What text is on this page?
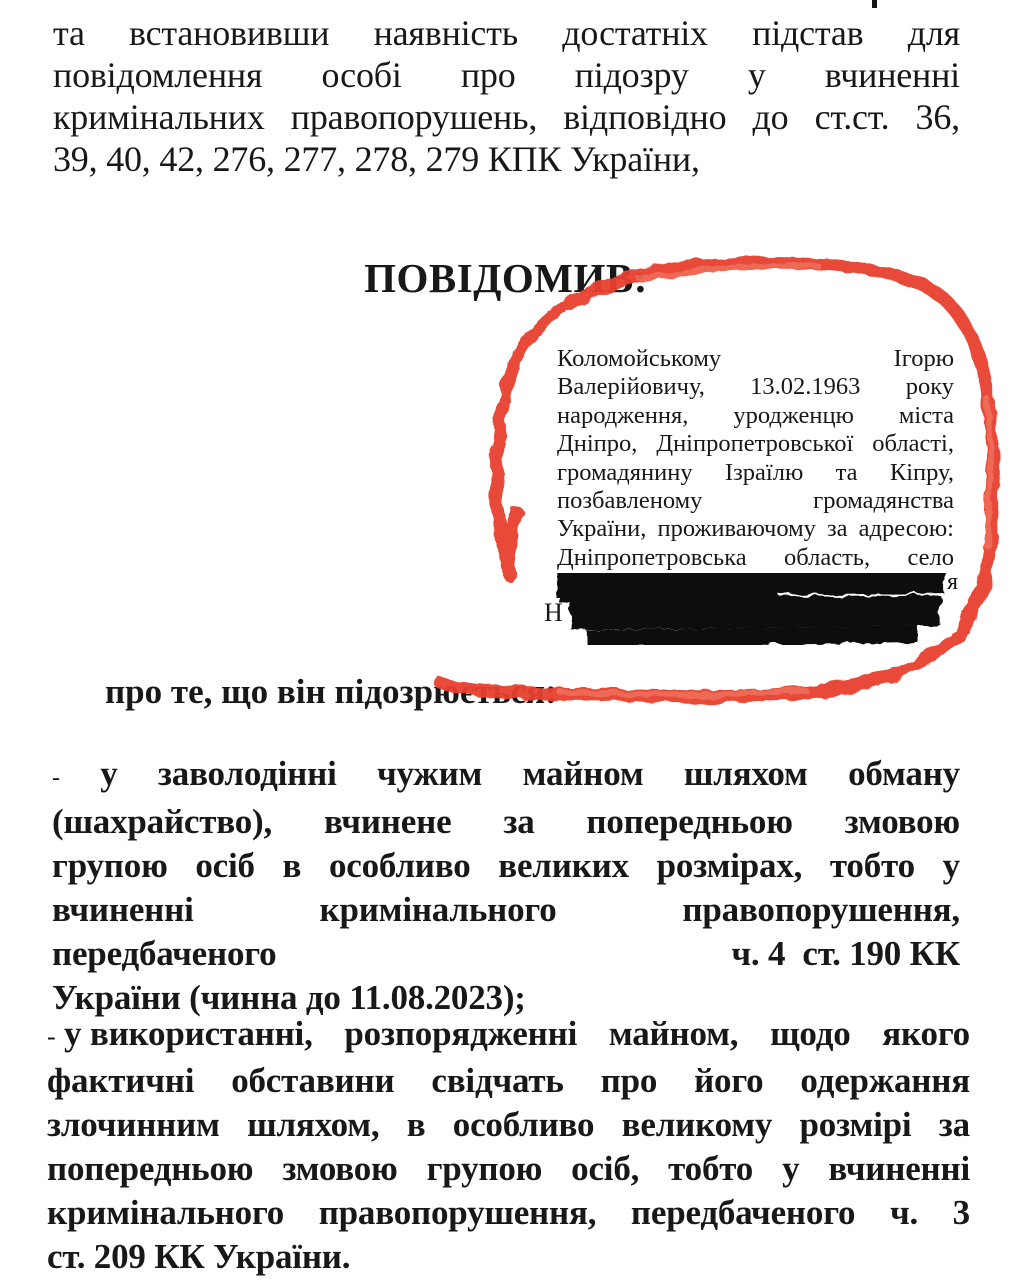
та встановивши наявність достатніх підстав для
повідомлення особі про підозру у вчиненні
кримінальних правопорушень, відповідно до ст.ст. 36,
39, 40, 42, 276, 277, 278, 279 КПК України,
ПОВІДОМИВ:
Коломойському	Ігорю
Валерійовичу, 13.02.1963 року
народження, уродженцю міста
Дніпро, Дніпропетровської області,
громадянину Ізраїлю та Кіпру,
позбавленому	громадянства
України, проживаючому за адресою:
Дніпропетровська область, село
я
Н
про те, що він підозрюється:
- у заволодінні чужим майном шляхом обману
(шахрайство), вчинене за попередньою змовою
групою осіб в особливо великих розмірах, тобто у
вчиненні	кримінального	правопорушення,
передбаченого	ч. 4  ст. 190 КК
України (чинна до 11.08.2023);
- у використанні, розпорядженні майном, щодо якого
фактичні обставини свідчать про його одержання
злочинним шляхом, в особливо великому розмірі за
попередньою змовою групою осіб, тобто у вчиненні
кримінального правопорушення, передбаченого ч. 3
ст. 209 КК України.
